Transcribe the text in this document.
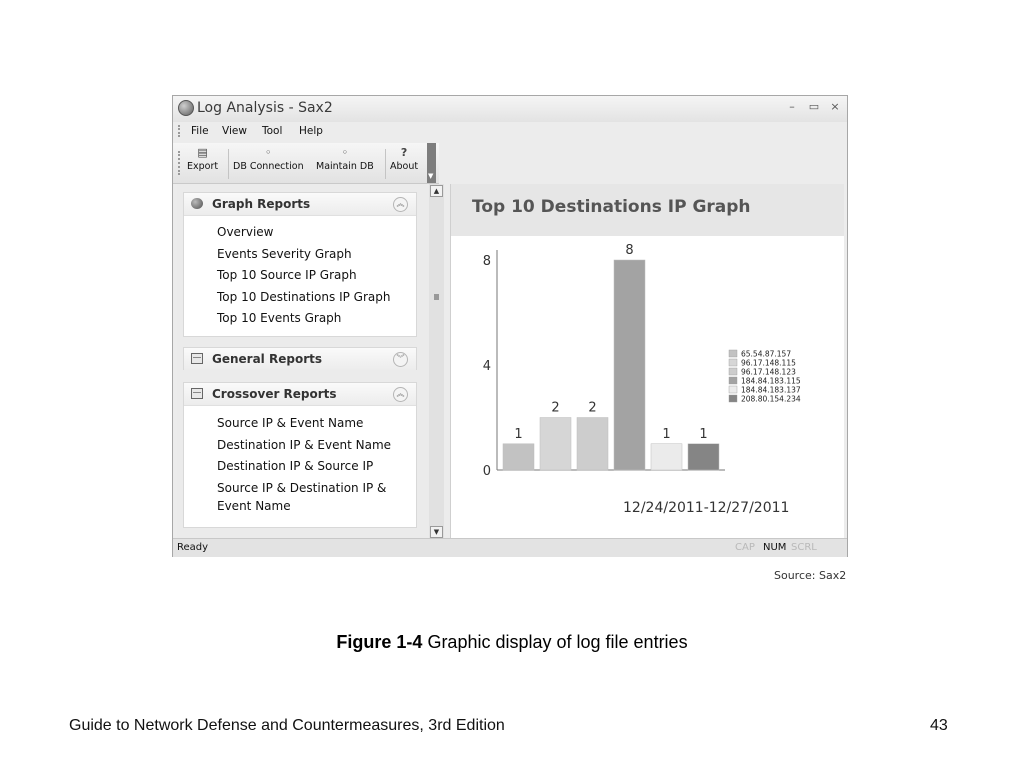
Log Analysis - Sax2	–	▭ ×
File View Tool Help
▤
Export
◦
DB Connection
◦
Maintain DB
?
About
▼
Graph Reports	︽
Overview
Events Severity Graph
Top 10 Source IP Graph
Top 10 Destinations IP Graph
Top 10 Events Graph
General Reports	︾
Crossover Reports	︽
Source IP & Event Name
Destination IP & Event Name
Destination IP & Source IP
Source IP & Destination IP &
Event Name
▲
▼
Top 10 Destinations IP Graph
0
4
8
1
2 2
8
1 1
65.54.87.157
96.17.148.115
96.17.148.123
184.84.183.115
184.84.183.137
208.80.154.234
12/24/2011-12/27/2011
Ready	CAP NUM SCRL
Source: Sax2
Figure 1-4 Graphic display of log file entries
Guide to Network Defense and Countermeasures, 3rd Edition	43
